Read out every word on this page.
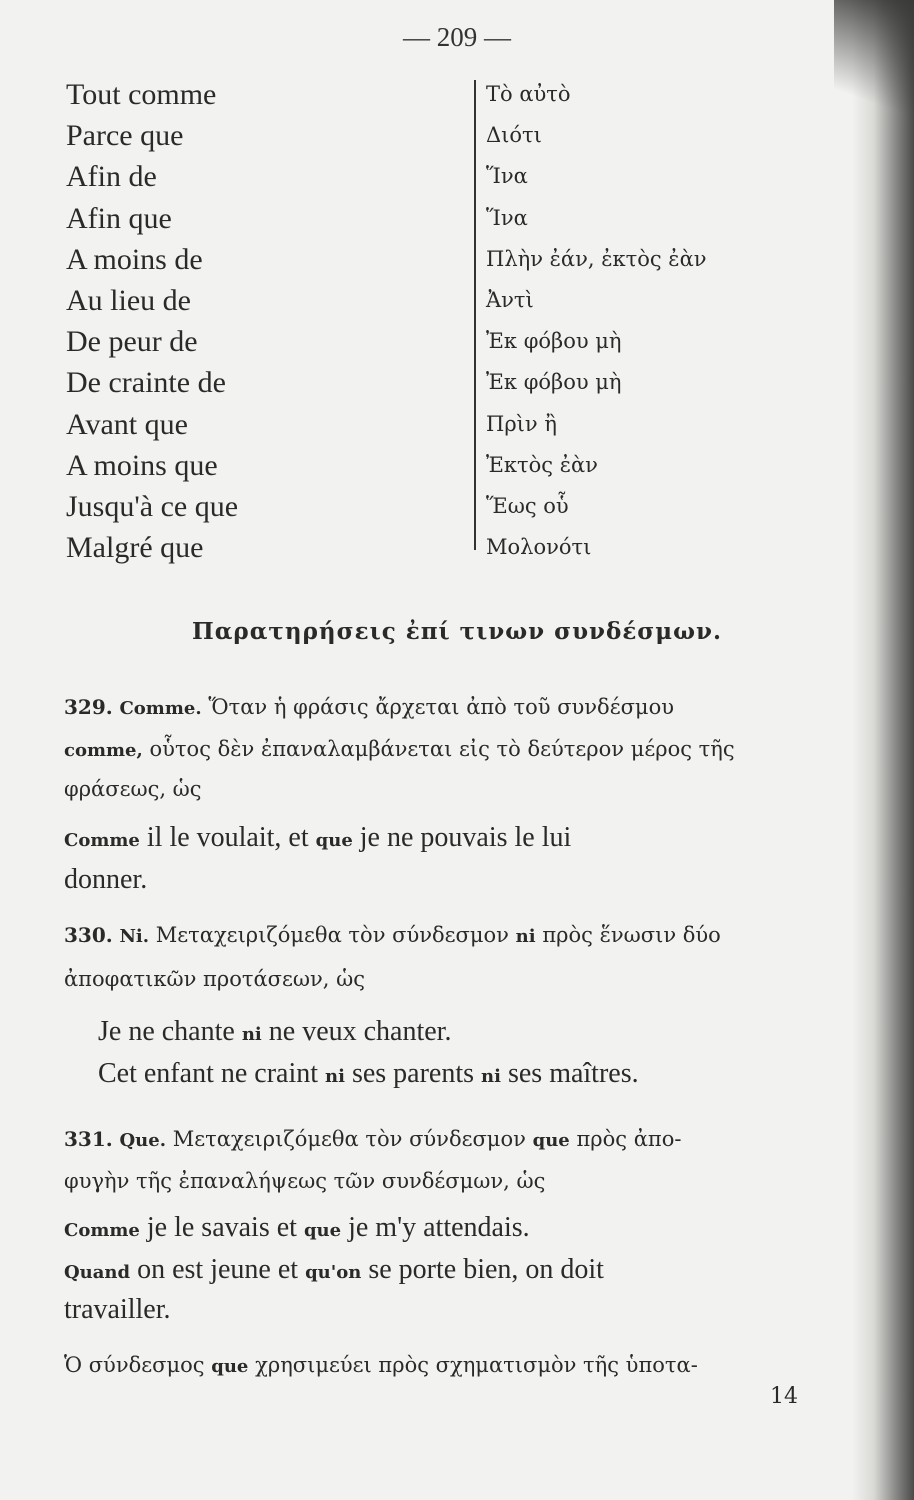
— 209 —
Tout comme
Parce que
Afin de
Afin que
A moins de
Au lieu de
De peur de
De crainte de
Avant que
A moins que
Jusqu'à ce que
Malgré que
Τὸ αὐτὸ
Διότι
Ἵνα
Ἵνα
Πλὴν ἐάν, ἐκτὸς ἐὰν
Ἀντὶ
Ἐκ φόβου μὴ
Ἐκ φόβου μὴ
Πρὶν ἢ
Ἐκτὸς ἐὰν
Ἕως οὗ
Μολονότι
Παρατηρήσεις ἐπί τινων συνδέσμων.
329. Comme. Ὅταν ἡ φράσις ἄρχεται ἀπὸ τοῦ συνδέσμου
comme, οὗτος δὲν ἐπαναλαμβάνεται εἰς τὸ δεύτερον μέρος τῆς
φράσεως, ὡς
Comme il le voulait, et que je ne pouvais le lui
donner.
330. Ni. Μεταχειριζόμεθα τὸν σύνδεσμον ni πρὸς ἕνωσιν δύο
ἀποφατικῶν προτάσεων, ὡς
Je ne chante ni ne veux chanter.
Cet enfant ne craint ni ses parents ni ses maîtres.
331. Que. Μεταχειριζόμεθα τὸν σύνδεσμον que πρὸς ἀπο-
φυγὴν τῆς ἐπαναλήψεως τῶν συνδέσμων, ὡς
Comme je le savais et que je m'y attendais.
Quand on est jeune et qu'on se porte bien, on doit
travailler.
Ὁ σύνδεσμος que χρησιμεύει πρὸς σχηματισμὸν τῆς ὑποτα-
14
